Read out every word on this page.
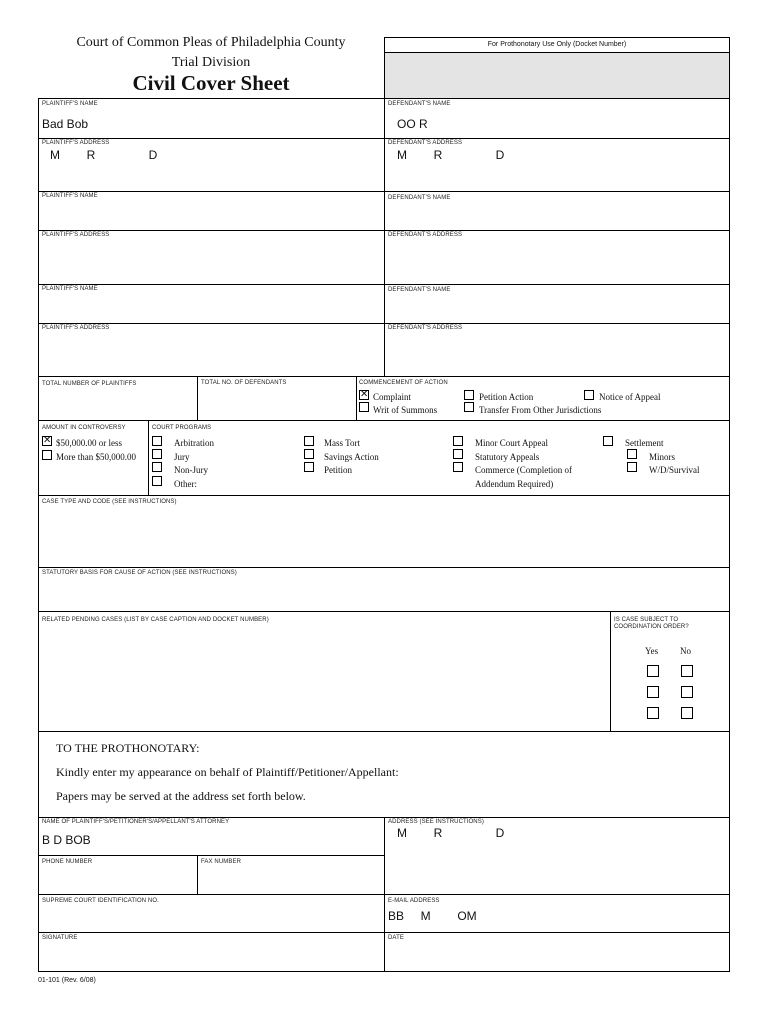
Court of Common Pleas of Philadelphia County
Trial Division
Civil Cover Sheet
For Prothonotary Use Only (Docket Number)
PLAINTIFF'S NAME
Bad Bob
DEFENDANT'S NAME
OO R
PLAINTIFF'S ADDRESS
M        R                D
DEFENDANT'S ADDRESS
M        R                D
PLAINTIFF'S NAME	DEFENDANT'S NAME
PLAINTIFF'S ADDRESS	DEFENDANT'S ADDRESS
PLAINTIFF'S NAME	DEFENDANT'S NAME
PLAINTIFF'S ADDRESS	DEFENDANT'S ADDRESS
TOTAL NUMBER OF PLAINTIFFS	TOTAL NO. OF DEFENDANTS	COMMENCEMENT OF ACTION
✕
Complaint
Writ of Summons
Petition Action
Transfer From Other Jurisdictions
Notice of Appeal
AMOUNT IN CONTROVERSY
✕
$50,000.00 or less
More than $50,000.00
COURT PROGRAMS
Arbitration
Jury
Non-Jury
Other:
Mass Tort
Savings Action
Petition
Minor Court Appeal
Statutory Appeals
Commerce (Completion of
Addendum Required)
Settlement
Minors
W/D/Survival
CASE TYPE AND CODE (SEE INSTRUCTIONS)
STATUTORY BASIS FOR CAUSE OF ACTION (SEE INSTRUCTIONS)
RELATED PENDING CASES (LIST BY CASE CAPTION AND DOCKET NUMBER)	IS CASE SUBJECT TO
COORDINATION ORDER?
Yes No
TO THE PROTHONOTARY:
Kindly enter my appearance on behalf of Plaintiff/Petitioner/Appellant:
Papers may be served at the address set forth below.
NAME OF PLAINTIFF'S/PETITIONER'S/APPELLANT'S ATTORNEY
B D BOB
ADDRESS (SEE INSTRUCTIONS)
M        R                D
PHONE NUMBER	FAX NUMBER
SUPREME COURT IDENTIFICATION NO.	E-MAIL ADDRESS
BB     M        OM
SIGNATURE	DATE
01-101 (Rev. 6/08)
